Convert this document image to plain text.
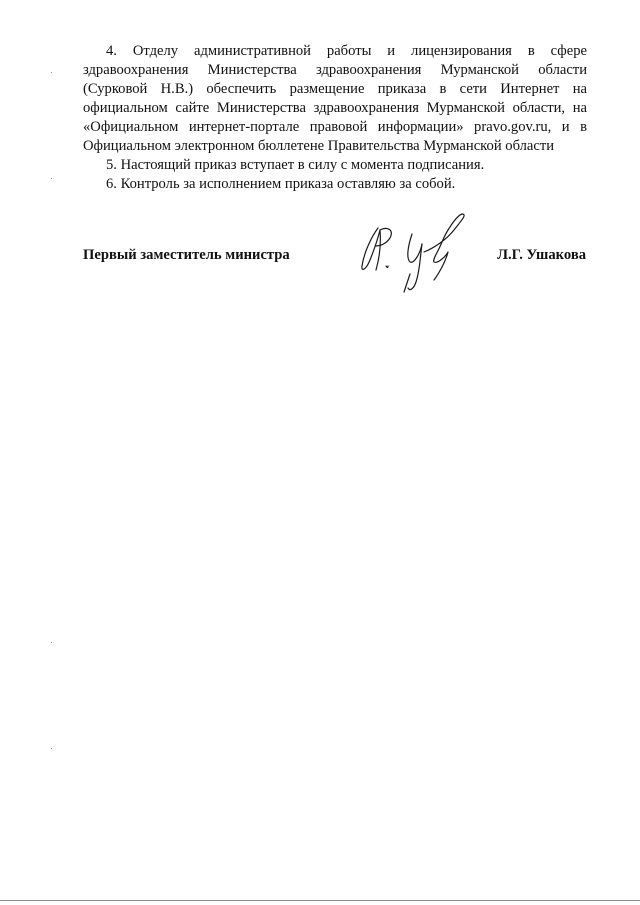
4. Отделу административной работы и лицензирования в сфере
здравоохранения Министерства здравоохранения Мурманской области
(Сурковой Н.В.) обеспечить размещение приказа в сети Интернет на
официальном сайте Министерства здравоохранения Мурманской области, на
«Официальном интернет-портале правовой информации» pravo.gov.ru, и в
Официальном электронном бюллетене Правительства Мурманской области
5. Настоящий приказ вступает в силу с момента подписания.
6. Контроль за исполнением приказа оставляю за собой.
Первый заместитель министра	Л.Г. Ушакова
